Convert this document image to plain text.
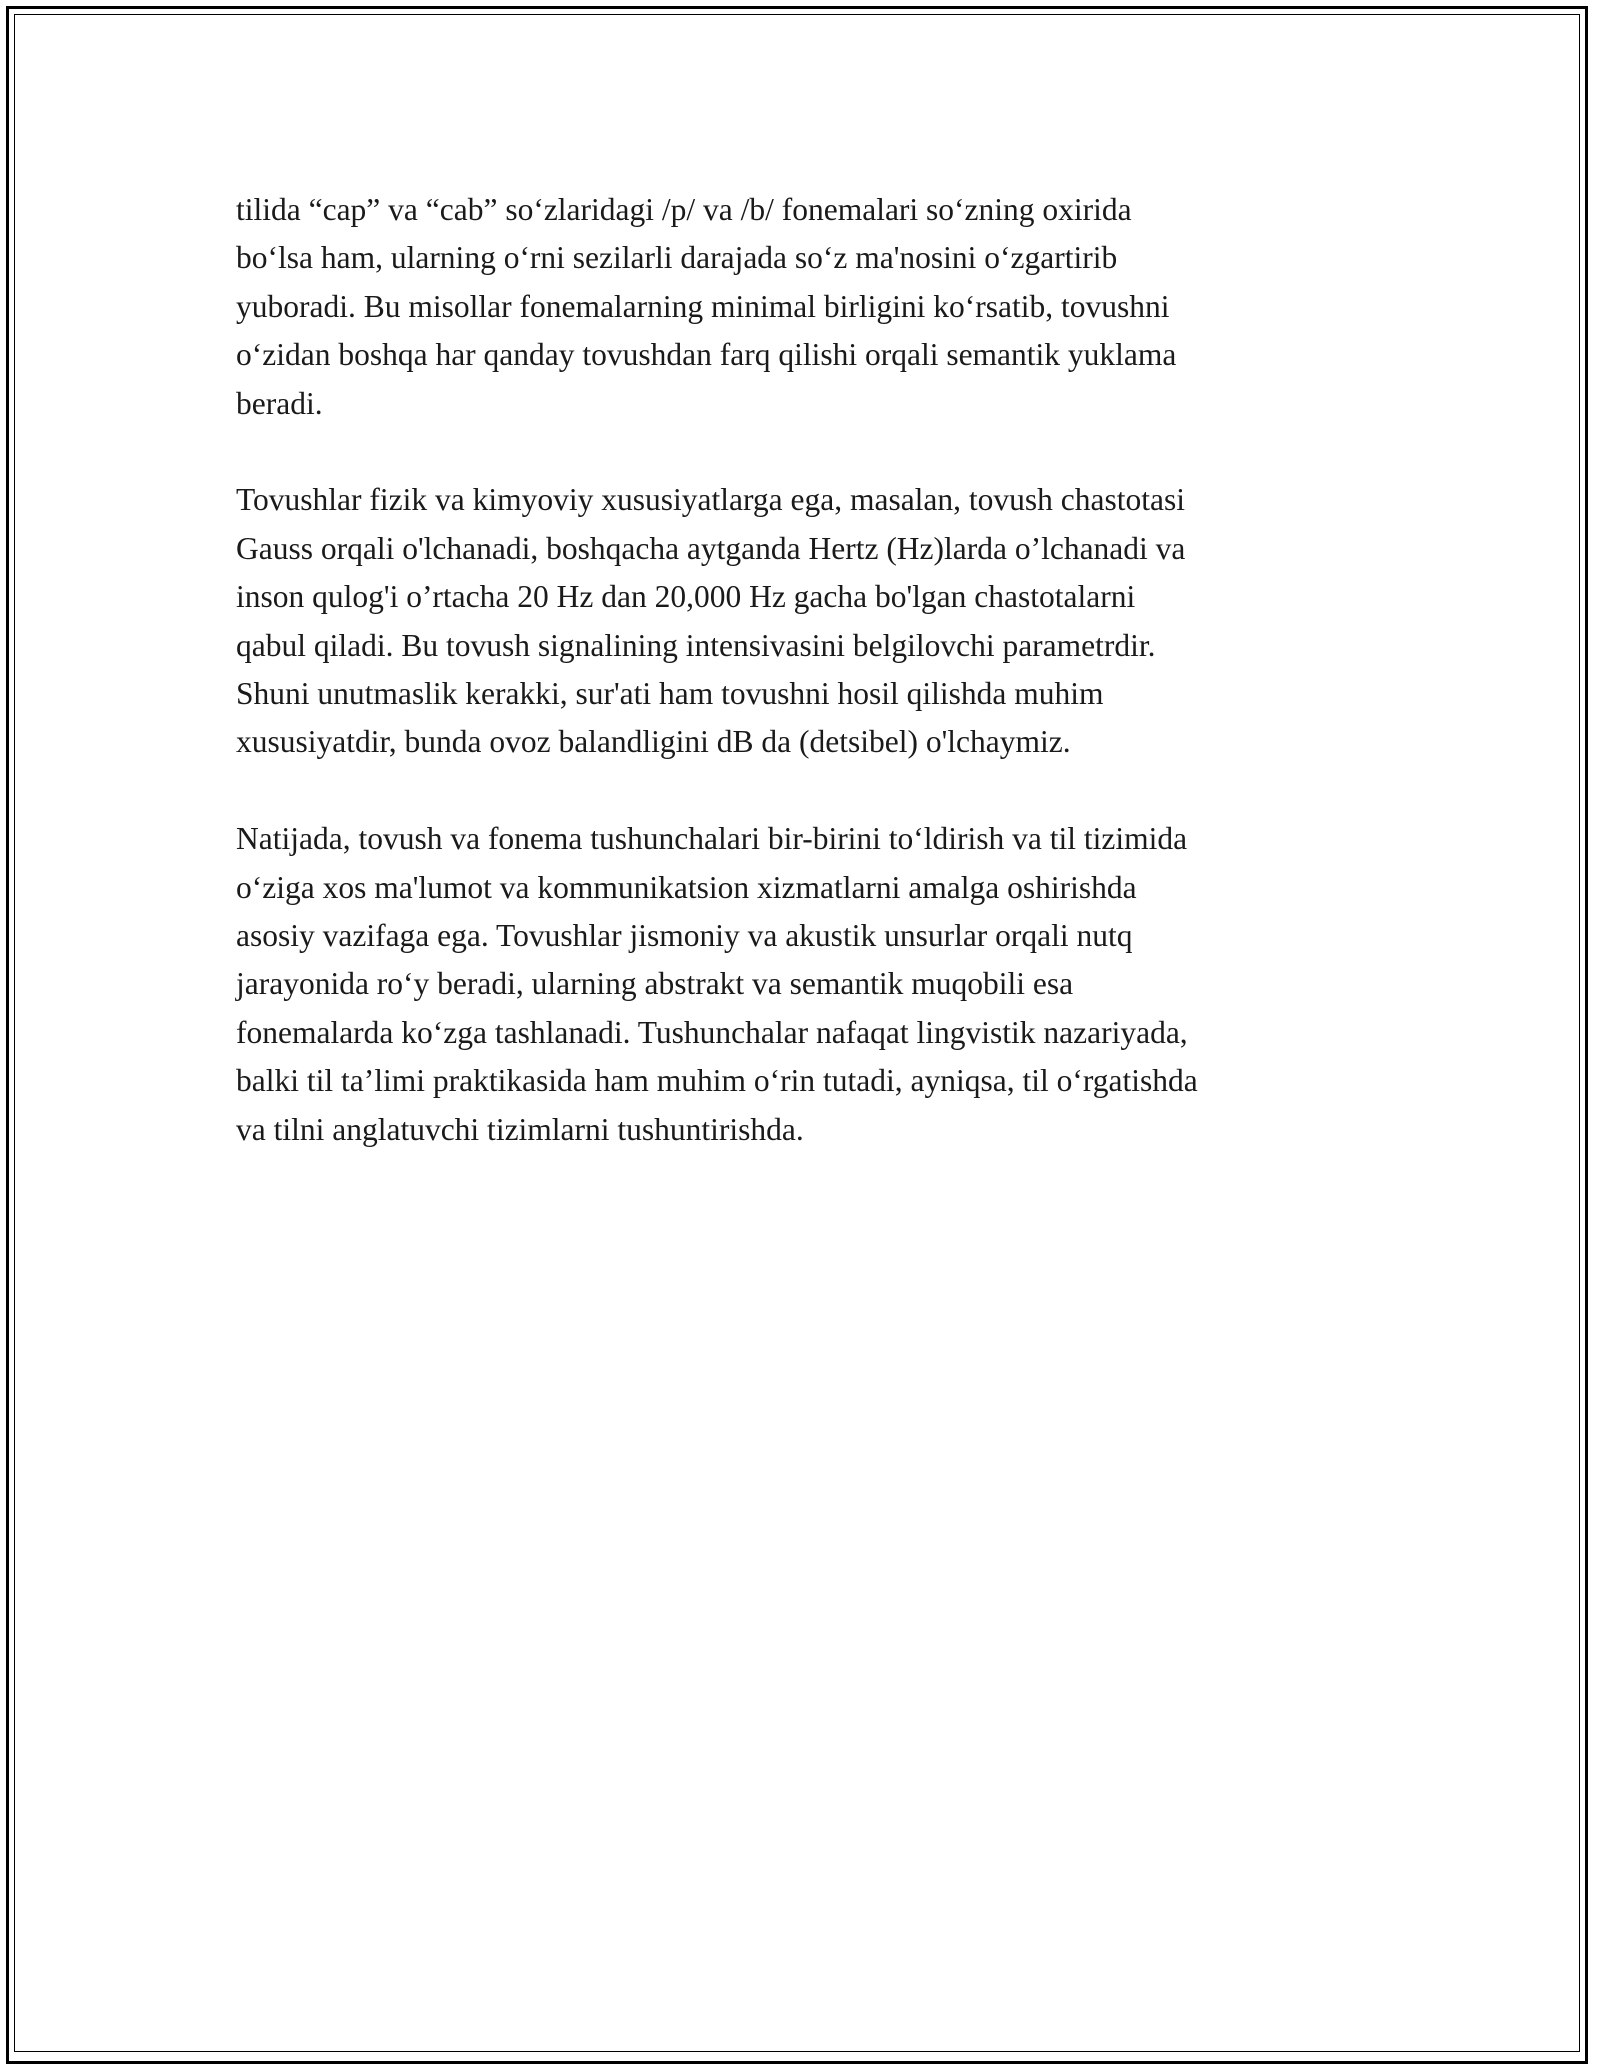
tilida “cap” va “cab” so‘zlaridagi /p/ va /b/ fonemalari so‘zning oxirida
bo‘lsa ham, ularning o‘rni sezilarli darajada so‘z ma'nosini o‘zgartirib
yuboradi. Bu misollar fonemalarning minimal birligini ko‘rsatib, tovushni
o‘zidan boshqa har qanday tovushdan farq qilishi orqali semantik yuklama
beradi.

Tovushlar fizik va kimyoviy xususiyatlarga ega, masalan, tovush chastotasi
Gauss orqali o'lchanadi, boshqacha aytganda Hertz (Hz)larda o’lchanadi va
inson qulog'i o’rtacha 20 Hz dan 20,000 Hz gacha bo'lgan chastotalarni
qabul qiladi. Bu tovush signalining intensivasini belgilovchi parametrdir.
Shuni unutmaslik kerakki, sur'ati ham tovushni hosil qilishda muhim
xususiyatdir, bunda ovoz balandligini dB da (detsibel) o'lchaymiz.

Natijada, tovush va fonema tushunchalari bir-birini to‘ldirish va til tizimida
o‘ziga xos ma'lumot va kommunikatsion xizmatlarni amalga oshirishda
asosiy vazifaga ega. Tovushlar jismoniy va akustik unsurlar orqali nutq
jarayonida ro‘y beradi, ularning abstrakt va semantik muqobili esa
fonemalarda ko‘zga tashlanadi. Tushunchalar nafaqat lingvistik nazariyada,
balki til ta’limi praktikasida ham muhim o‘rin tutadi, ayniqsa, til o‘rgatishda
va tilni anglatuvchi tizimlarni tushuntirishda.
